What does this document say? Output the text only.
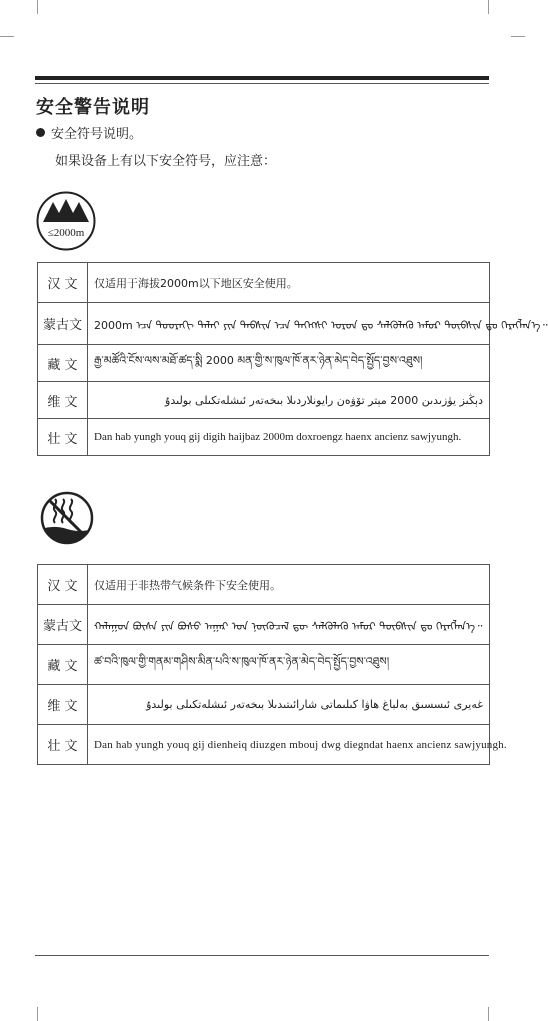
安全警告说明
安全符号说明。

如果设备上有以下安全符号，应注意：

≤2000m
汉 文	仅适用于海拔2000m以下地区安全使用。
蒙古文	2000m ᠡᠴᠡ ᠳᠣᠣᠷᠠᠬᠢ ᠳᠠᠯᠠᠢ ᠶᠢᠨ ᠲᠡᠪᠰᠢᠨ ᠡᠴᠡ ᠳᠡᠭᠡᠭᠰᠢ ᠣᠷᠤᠨ ᠳᠤ ᠰᠡᠯᠭᠦᠯᠡᠬᠦ ᠠᠮᠤᠷ ᠲᠦᠪᠰᠢᠨ ᠳᠤ ᠬᠡᠷᠡᠭᠯᠡᠨ᠎ᠡ᠃
藏 文	རྒྱ་མཚོའི་ངོས་ལས་མཐོ་ཚད་སྨི 2000 མན་གྱི་ས་ཁུལ་ཁོ་ནར་ཉེན་མེད་བེད་སྤྱོད་བྱས་འཐུས།
维 文	دېڭىز يۈزىدىن 2000 مېتر تۆۋەن رايونلاردىلا بىخەتەر ئىشلەتكىلى بولىدۇ
壮 文	Dan hab yungh youq gij digih haijbaz 2000m doxroengz haenx ancienz sawjyungh.
汉 文	仅适用于非热带气候条件下安全使用。
蒙古文	ᠬᠠᠯᠠᠭᠤᠨ ᠪᠦᠰᠡ ᠶᠢᠨ ᠪᠤᠰᠤ ᠠᠭᠠᠷ ᠤᠨ ᠨᠦᠬᠦᠴᠡᠯ ᠳᠦ ᠰᠡᠯᠭᠦᠯᠡᠬᠦ ᠠᠮᠤᠷ ᠲᠦᠪᠰᠢᠨ ᠳᠤ ᠬᠡᠷᠡᠭᠯᠡᠨ᠎ᠡ᠃
藏 文	ཚ་བའི་ཁུལ་གྱི་གནམ་གཤིས་མིན་པའི་ས་ཁུལ་ཁོ་ནར་ཉེན་མེད་བེད་སྤྱོད་བྱས་འཐུས།
维 文	غەيرى ئىسسىق بەلباغ ھاۋا كىلىماتى شارائىتىدىلا بىخەتەر ئىشلەتكىلى بولىدۇ
壮 文	Dan hab yungh youq gij dienheiq diuzgen mbouj dwg diegndat haenx ancienz sawjyungh.
